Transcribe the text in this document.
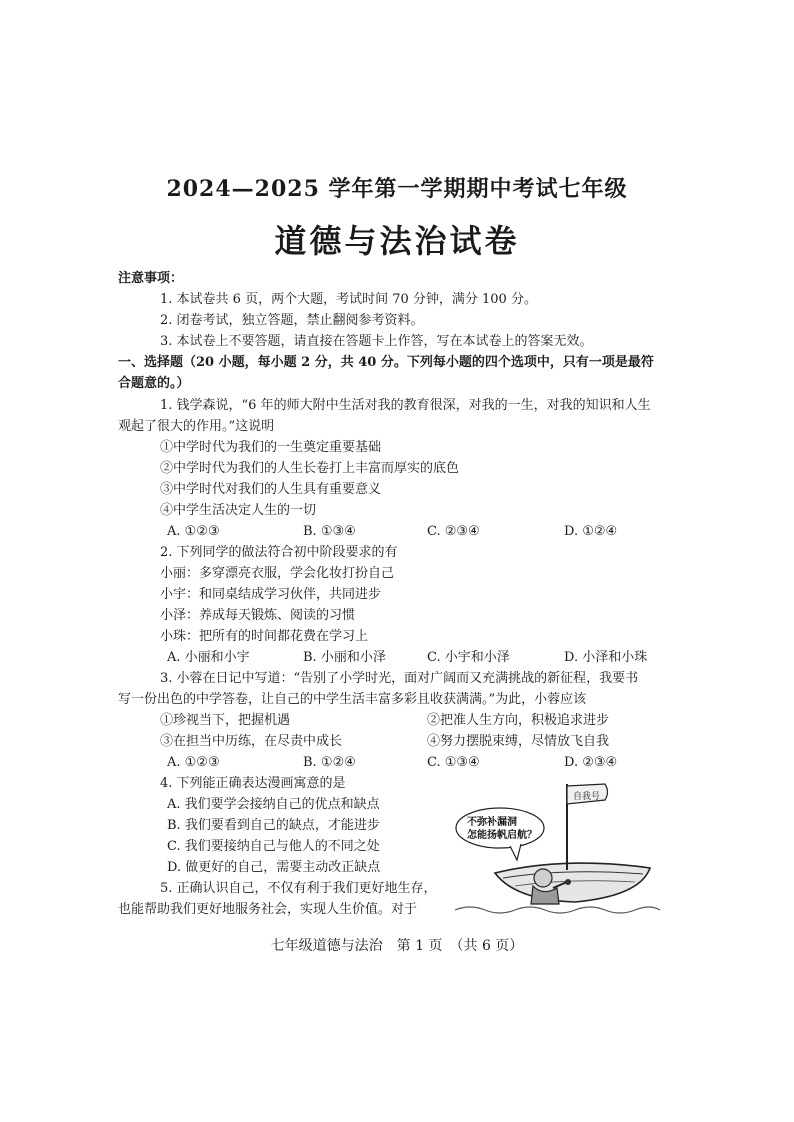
2024—2025 学年第一学期期中考试七年级
道德与法治试卷
注意事项：
1. 本试卷共 6 页，两个大题，考试时间 70 分钟，满分 100 分。
2. 闭卷考试，独立答题，禁止翻阅参考资料。
3. 本试卷上不要答题，请直接在答题卡上作答，写在本试卷上的答案无效。
一、选择题（20 小题，每小题 2 分，共 40 分。下列每小题的四个选项中，只有一项是最符
合题意的。）
1. 钱学森说，“6 年的师大附中生活对我的教育很深，对我的一生，对我的知识和人生
观起了很大的作用。”这说明
①中学时代为我们的一生奠定重要基础
②中学时代为我们的人生长卷打上丰富而厚实的底色
③中学时代对我们的人生具有重要意义
④中学生活决定人生的一切
A. ①②③	B. ①③④	C. ②③④	D. ①②④
2. 下列同学的做法符合初中阶段要求的有
小丽：多穿漂亮衣服，学会化妆打扮自己
小宇：和同桌结成学习伙伴，共同进步
小泽：养成每天锻炼、阅读的习惯
小珠：把所有的时间都花费在学习上
A. 小丽和小宇	B. 小丽和小泽	C. 小宇和小泽	D. 小泽和小珠
3. 小蓉在日记中写道：“告别了小学时光，面对广阔而又充满挑战的新征程，我要书
写一份出色的中学答卷，让自己的中学生活丰富多彩且收获满满。”为此，小蓉应该
①珍视当下，把握机遇	②把准人生方向，积极追求进步
③在担当中历练，在尽责中成长	④努力摆脱束缚，尽情放飞自我
A. ①②③	B. ①②④	C. ①③④	D. ②③④
4. 下列能正确表达漫画寓意的是
A. 我们要学会接纳自己的优点和缺点
B. 我们要看到自己的缺点，才能进步
C. 我们要接纳自己与他人的不同之处
D. 做更好的自己，需要主动改正缺点
5. 正确认识自己，不仅有利于我们更好地生存，
也能帮助我们更好地服务社会，实现人生价值。对于
自我号
不弥补漏洞
怎能扬帆启航？
七年级道德与法治　第 1 页　（共 6 页）
